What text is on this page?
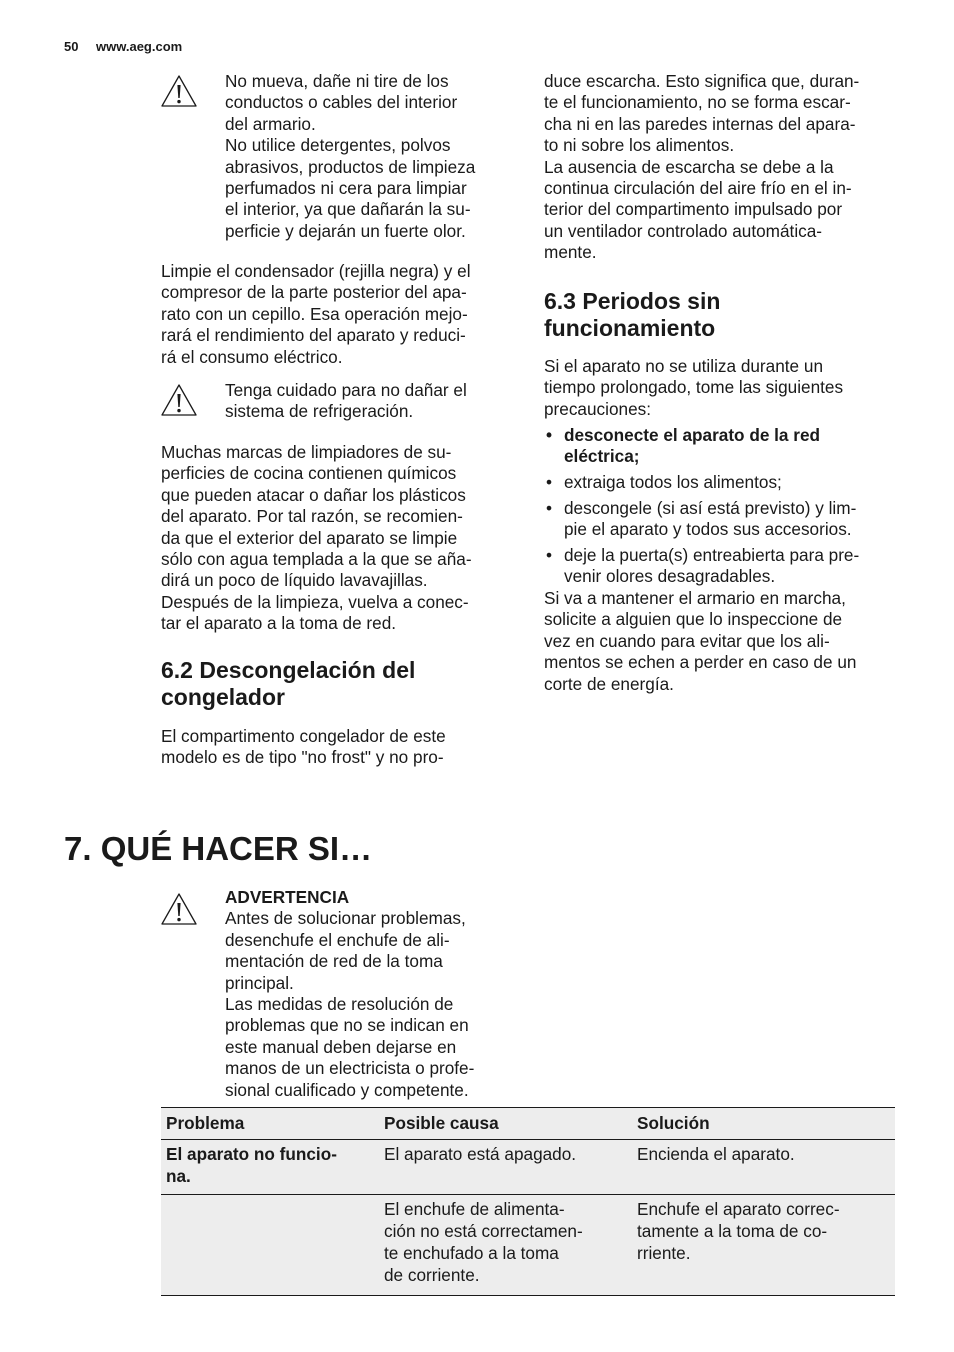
50 www.aeg.com

No mueva, dañe ni tire de los
conductos o cables del interior
del armario.
No utilice detergentes, polvos
abrasivos, productos de limpieza
perfumados ni cera para limpiar
el interior, ya que dañarán la su-
perficie y dejarán un fuerte olor.

Limpie el condensador (rejilla negra) y el
compresor de la parte posterior del apa-
rato con un cepillo. Esa operación mejo-
rará el rendimiento del aparato y reduci-
rá el consumo eléctrico.

Tenga cuidado para no dañar el
sistema de refrigeración.

Muchas marcas de limpiadores de su-
perficies de cocina contienen químicos
que pueden atacar o dañar los plásticos
del aparato. Por tal razón, se recomien-
da que el exterior del aparato se limpie
sólo con agua templada a la que se aña-
dirá un poco de líquido lavavajillas.
Después de la limpieza, vuelva a conec-
tar el aparato a la toma de red.

6.2 Descongelación del
congelador

El compartimento congelador de este
modelo es de tipo "no frost" y no pro-

duce escarcha. Esto significa que, duran-
te el funcionamiento, no se forma escar-
cha ni en las paredes internas del apara-
to ni sobre los alimentos.
La ausencia de escarcha se debe a la
continua circulación del aire frío en el in-
terior del compartimento impulsado por
un ventilador controlado automática-
mente.

6.3 Periodos sin
funcionamiento

Si el aparato no se utiliza durante un
tiempo prolongado, tome las siguientes
precauciones:

• desconecte el aparato de la red
eléctrica;
• extraiga todos los alimentos;
• descongele (si así está previsto) y lim-
pie el aparato y todos sus accesorios.
• deje la puerta(s) entreabierta para pre-
venir olores desagradables.

Si va a mantener el armario en marcha,
solicite a alguien que lo inspeccione de
vez en cuando para evitar que los ali-
mentos se echen a perder en caso de un
corte de energía.

7. QUÉ HACER SI…

ADVERTENCIA

Antes de solucionar problemas,
desenchufe el enchufe de ali-
mentación de red de la toma
principal.
Las medidas de resolución de
problemas que no se indican en
este manual deben dejarse en
manos de un electricista o profe-
sional cualificado y competente.

Problema	Posible causa	Solución
El aparato no funcio-
na.	El aparato está apagado.	Encienda el aparato.
	El enchufe de alimenta-
ción no está correctamen-
te enchufado a la toma
de corriente.	Enchufe el aparato correc-
tamente a la toma de co-
rriente.
